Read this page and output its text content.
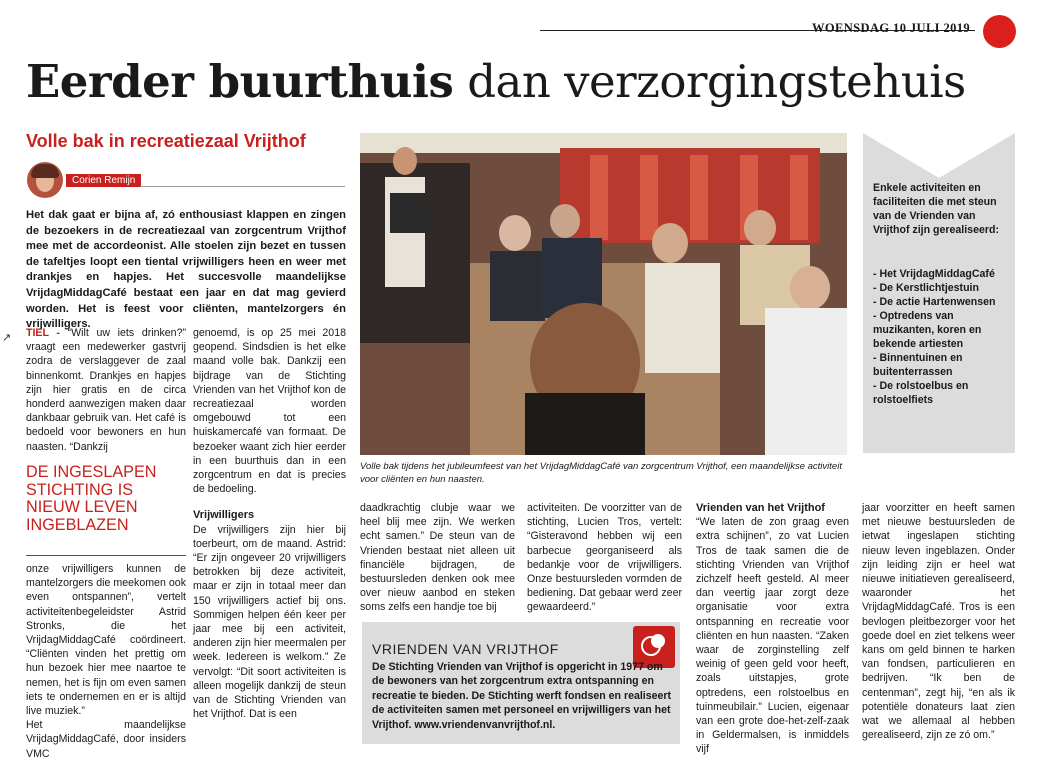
WOENSDAG 10 JULI 2019
Eerder buurthuis dan verzorgingstehuis
Volle bak in recreatiezaal Vrijthof
Corien Remijn
Het dak gaat er bijna af, zó enthousiast klappen en zingen de bezoekers in de recreatiezaal van zorgcentrum Vrijthof mee met de accordeonist. Alle stoelen zijn bezet en tussen de tafeltjes loopt een tiental vrijwilligers heen en weer met drankjes en hapjes. Het succesvolle maandelijkse VrijdagMiddagCafé bestaat een jaar en dat mag gevierd worden. Het is feest voor cliënten, mantelzorgers én vrijwilligers.

TIEL - “Wilt uw iets drinken?” vraagt een medewerker gastvrij zodra de verslaggever de zaal binnenkomt. Drankjes en hapjes zijn hier gratis en de circa honderd aanwezigen maken daar dankbaar gebruik van. Het café is bedoeld voor bewoners en hun naasten. “Dankzij

DE INGESLAPEN STICHTING IS NIEUW LEVEN INGEBLAZEN

onze vrijwilligers kunnen de mantelzorgers die meekomen ook even ontspannen”, vertelt activiteitenbegeleidster Astrid Stronks, die het VrijdagMiddagCafé coördineert. “Cliënten vinden het prettig om hun bezoek hier mee naartoe te nemen, het is fijn om even samen iets te ondernemen en er is altijd live muziek.”

Het maandelijkse VrijdagMiddagCafé, door insiders VMC

genoemd, is op 25 mei 2018 geopend. Sindsdien is het elke maand volle bak. Dankzij een bijdrage van de Stichting Vrienden van het Vrijthof kon de recreatiezaal worden omgebouwd tot een huiskamercafé van formaat. De bezoeker waant zich hier eerder in een buurthuis dan in een zorgcentrum en dat is precies de bedoeling.

Vrijwilligers

De vrijwilligers zijn hier bij toerbeurt, om de maand. Astrid: “Er zijn ongeveer 20 vrijwilligers betrokken bij deze activiteit, maar er zijn in totaal meer dan 150 vrijwilligers actief bij ons. Sommigen helpen één keer per jaar mee bij een activiteit, anderen zijn hier meermalen per week. Iedereen is welkom.” Ze vervolgt: “Dit soort activiteiten is alleen mogelijk dankzij de steun van de Stichting Vrienden van het Vrijthof. Dat is een

Volle bak tijdens het jubileumfeest van het VrijdagMiddagCafé van zorgcentrum Vrijthof, een maandelijkse activiteit voor cliënten en hun naasten.
Enkele activiteiten en faciliteiten die met steun van de Vrienden van Vrijthof zijn gerealiseerd:
- Het VrijdagMiddagCafé
- De Kerstlichtjestuin
- De actie Hartenwensen
- Optredens van muzikanten, koren en bekende artiesten
- Binnentuinen en buitenterrassen
- De rolstoelbus en rolstoelfiets
daadkrachtig clubje waar we heel blij mee zijn. We werken echt samen.” De steun van de Vrienden bestaat niet alleen uit financiële bijdragen, de bestuursleden denken ook mee over nieuw aanbod en steken soms zelfs een handje toe bij
activiteiten. De voorzitter van de stichting, Lucien Tros, vertelt: “Gisteravond hebben wij een barbecue georganiseerd als bedankje voor de vrijwilligers. Onze bestuursleden vormden de bediening. Dat gebaar werd zeer gewaardeerd.”
i
VRIENDEN VAN VRIJTHOF
De Stichting Vrienden van Vrijthof is opgericht in 1977 om de bewoners van het zorgcentrum extra ontspanning en recreatie te bieden. De Stichting werft fondsen en realiseert de activiteiten samen met personeel en vrijwilligers van het Vrijthof. www.vriendenvanvrijthof.nl.
Vrienden van het Vrijthof

“We laten de zon graag even extra schijnen”, zo vat Lucien Tros de taak samen die de stichting Vrienden van Vrijthof zichzelf heeft gesteld. Al meer dan veertig jaar zorgt deze organisatie voor extra ontspanning en recreatie voor cliënten en hun naasten. “Zaken waar de zorginstelling zelf weinig of geen geld voor heeft, zoals uitstapjes, grote optredens, een rolstoelbus en tuinmeubilair.” Lucien, eigenaar van een grote doe-het-zelf-zaak in Geldermalsen, is inmiddels vijf

jaar voorzitter en heeft samen met nieuwe bestuursleden de ietwat ingeslapen stichting nieuw leven ingeblazen. Onder zijn leiding zijn er heel wat nieuwe initiatieven gerealiseerd, waaronder het VrijdagMiddagCafé. Tros is een bevlogen pleitbezorger voor het goede doel en ziet telkens weer kans om geld binnen te harken van fondsen, particulieren en bedrijven. “Ik ben de centenman”, zegt hij, “en als ik potentiële donateurs laat zien wat we allemaal al hebben gerealiseerd, zijn ze zó om.”
↗
